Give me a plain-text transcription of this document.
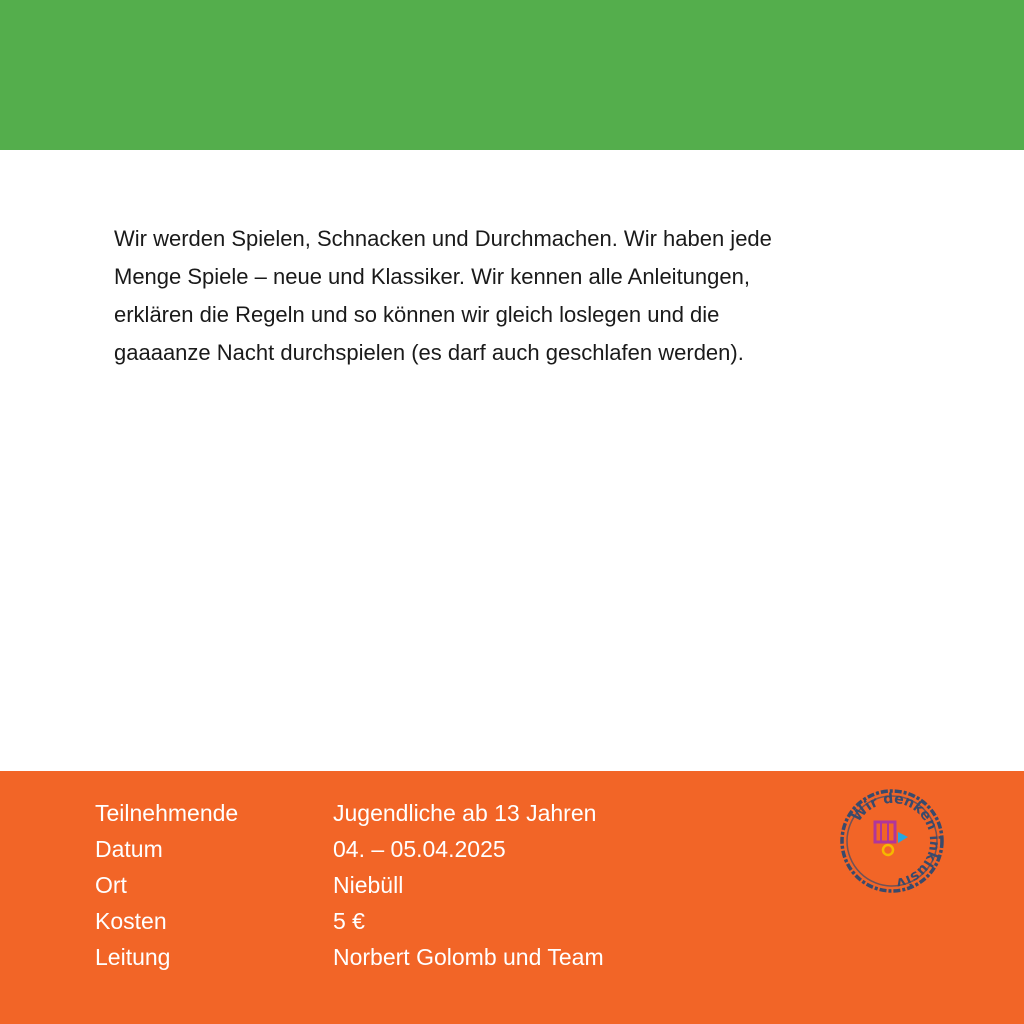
Wir werden Spielen, Schnacken und Durchmachen. Wir haben jede
Menge Spiele – neue und Klassiker. Wir kennen alle Anleitungen,
erklären die Regeln und so können wir gleich loslegen und die
gaaaanze Nacht durchspielen (es darf auch geschlafen werden).

Teilnehmende	Jugendliche ab 13 Jahren
Datum	04. – 05.04.2025
Ort	Niebüll
Kosten	5 €
Leitung	Norbert Golomb und Team
Wir denken inklusiv
